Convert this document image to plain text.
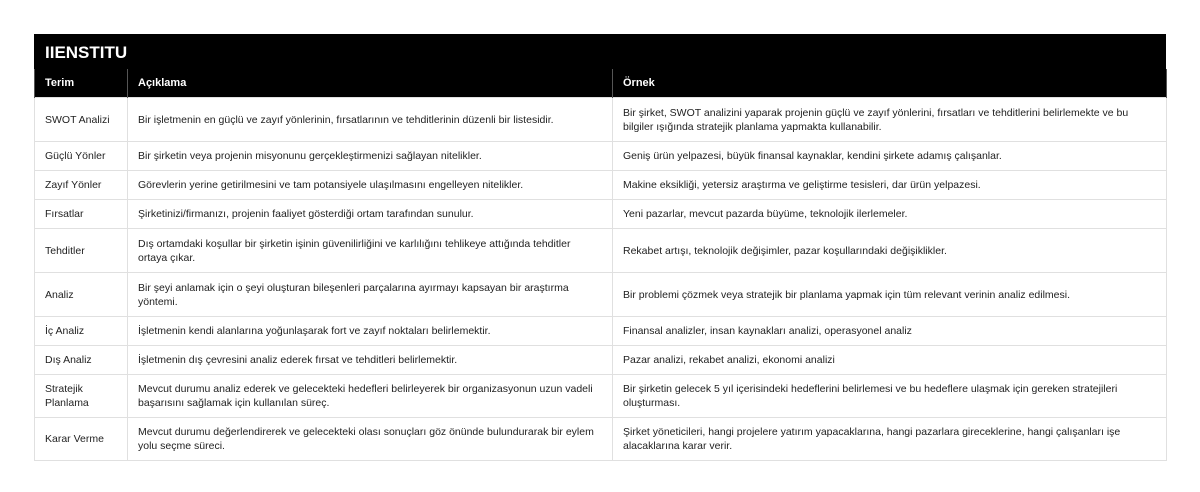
IIENSTITU
Terim	Açıklama	Örnek
SWOT Analizi	Bir işletmenin en güçlü ve zayıf yönlerinin, fırsatlarının ve tehditlerinin düzenli bir listesidir.	Bir şirket, SWOT analizini yaparak projenin güçlü ve zayıf yönlerini, fırsatları ve tehditlerini belirlemekte ve bu bilgiler ışığında stratejik planlama yapmakta kullanabilir.
Güçlü Yönler	Bir şirketin veya projenin misyonunu gerçekleştirmenizi sağlayan nitelikler.	Geniş ürün yelpazesi, büyük finansal kaynaklar, kendini şirkete adamış çalışanlar.
Zayıf Yönler	Görevlerin yerine getirilmesini ve tam potansiyele ulaşılmasını engelleyen nitelikler.	Makine eksikliği, yetersiz araştırma ve geliştirme tesisleri, dar ürün yelpazesi.
Fırsatlar	Şirketinizi/firmanızı, projenin faaliyet gösterdiği ortam tarafından sunulur.	Yeni pazarlar, mevcut pazarda büyüme, teknolojik ilerlemeler.
Tehditler	Dış ortamdaki koşullar bir şirketin işinin güvenilirliğini ve karlılığını tehlikeye attığında tehditler ortaya çıkar.	Rekabet artışı, teknolojik değişimler, pazar koşullarındaki değişiklikler.
Analiz	Bir şeyi anlamak için o şeyi oluşturan bileşenleri parçalarına ayırmayı kapsayan bir araştırma yöntemi.	Bir problemi çözmek veya stratejik bir planlama yapmak için tüm relevant verinin analiz edilmesi.
İç Analiz	İşletmenin kendi alanlarına yoğunlaşarak fort ve zayıf noktaları belirlemektir.	Finansal analizler, insan kaynakları analizi, operasyonel analiz
Dış Analiz	İşletmenin dış çevresini analiz ederek fırsat ve tehditleri belirlemektir.	Pazar analizi, rekabet analizi, ekonomi analizi
Stratejik Planlama	Mevcut durumu analiz ederek ve gelecekteki hedefleri belirleyerek bir organizasyonun uzun vadeli başarısını sağlamak için kullanılan süreç.	Bir şirketin gelecek 5 yıl içerisindeki hedeflerini belirlemesi ve bu hedeflere ulaşmak için gereken stratejileri oluşturması.
Karar Verme	Mevcut durumu değerlendirerek ve gelecekteki olası sonuçları göz önünde bulundurarak bir eylem yolu seçme süreci.	Şirket yöneticileri, hangi projelere yatırım yapacaklarına, hangi pazarlara gireceklerine, hangi çalışanları işe alacaklarına karar verir.
